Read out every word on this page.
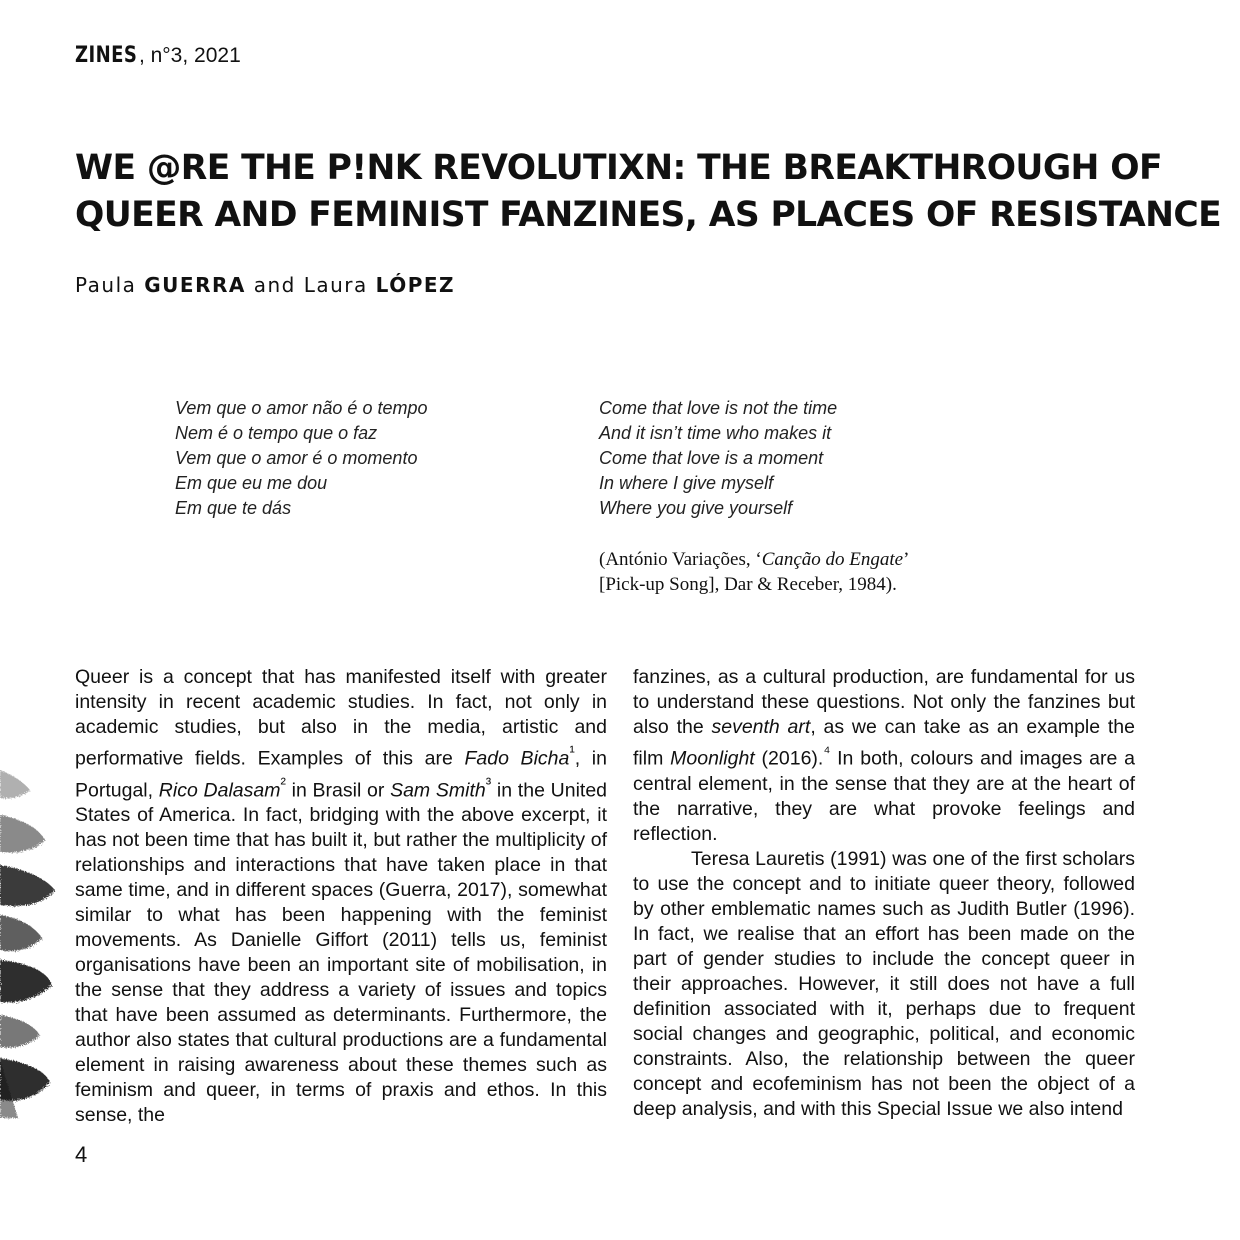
ZINES, n°3, 2021
WE @RE THE P!NK REVOLUTIXN: THE BREAKTHROUGH OF
QUEER AND FEMINIST FANZINES, AS PLACES OF RESISTANCE
Paula GUERRA and Laura LÓPEZ
Vem que o amor não é o tempo
Nem é o tempo que o faz
Vem que o amor é o momento
Em que eu me dou
Em que te dás
Come that love is not the time
And it isn’t time who makes it
Come that love is a moment
In where I give myself
Where you give yourself
(António Variações, ‘Canção do Engate’
[Pick-up Song], Dar & Receber, 1984).

Queer is a concept that has manifested itself with greater intensity in recent academic studies. In fact, not only in academic studies, but also in the media, artistic and performative fields. Examples of this are Fado Bicha$^{^1}$, in Portugal, Rico Dalasam$^{^2}$ in Brasil or Sam Smith$^{^3}$ in the United States of America. In fact, bridging with the above excerpt, it has not been time that has built it, but rather the multiplicity of relationships and interactions that have taken place in that same time, and in different spaces (Guerra, 2017), somewhat similar to what has been happening with the feminist movements. As Danielle Giffort (2011) tells us, feminist organisations have been an important site of mobilisation, in the sense that they address a variety of issues and topics that have been assumed as determinants. Furthermore, the author also states that cultural productions are a fundamental element in raising awareness about these themes such as feminism and queer, in terms of praxis and ethos. In this sense, the

fanzines, as a cultural production, are fundamental for us to understand these questions. Not only the fanzines but also the seventh art, as we can take as an example the film Moonlight (2016).$^{^4}$ In both, colours and images are a central element, in the sense that they are at the heart of the narrative, they are what provoke feelings and reflection.

Teresa Lauretis (1991) was one of the first scholars to use the concept and to initiate queer theory, followed by other emblematic names such as Judith Butler (1996). In fact, we realise that an effort has been made on the part of gender studies to include the concept queer in their approaches. However, it still does not have a full definition associated with it, perhaps due to frequent social changes and geographic, political, and economic constraints. Also, the relationship between the queer concept and ecofeminism has not been the object of a deep analysis, and with this Special Issue we also intend

4
